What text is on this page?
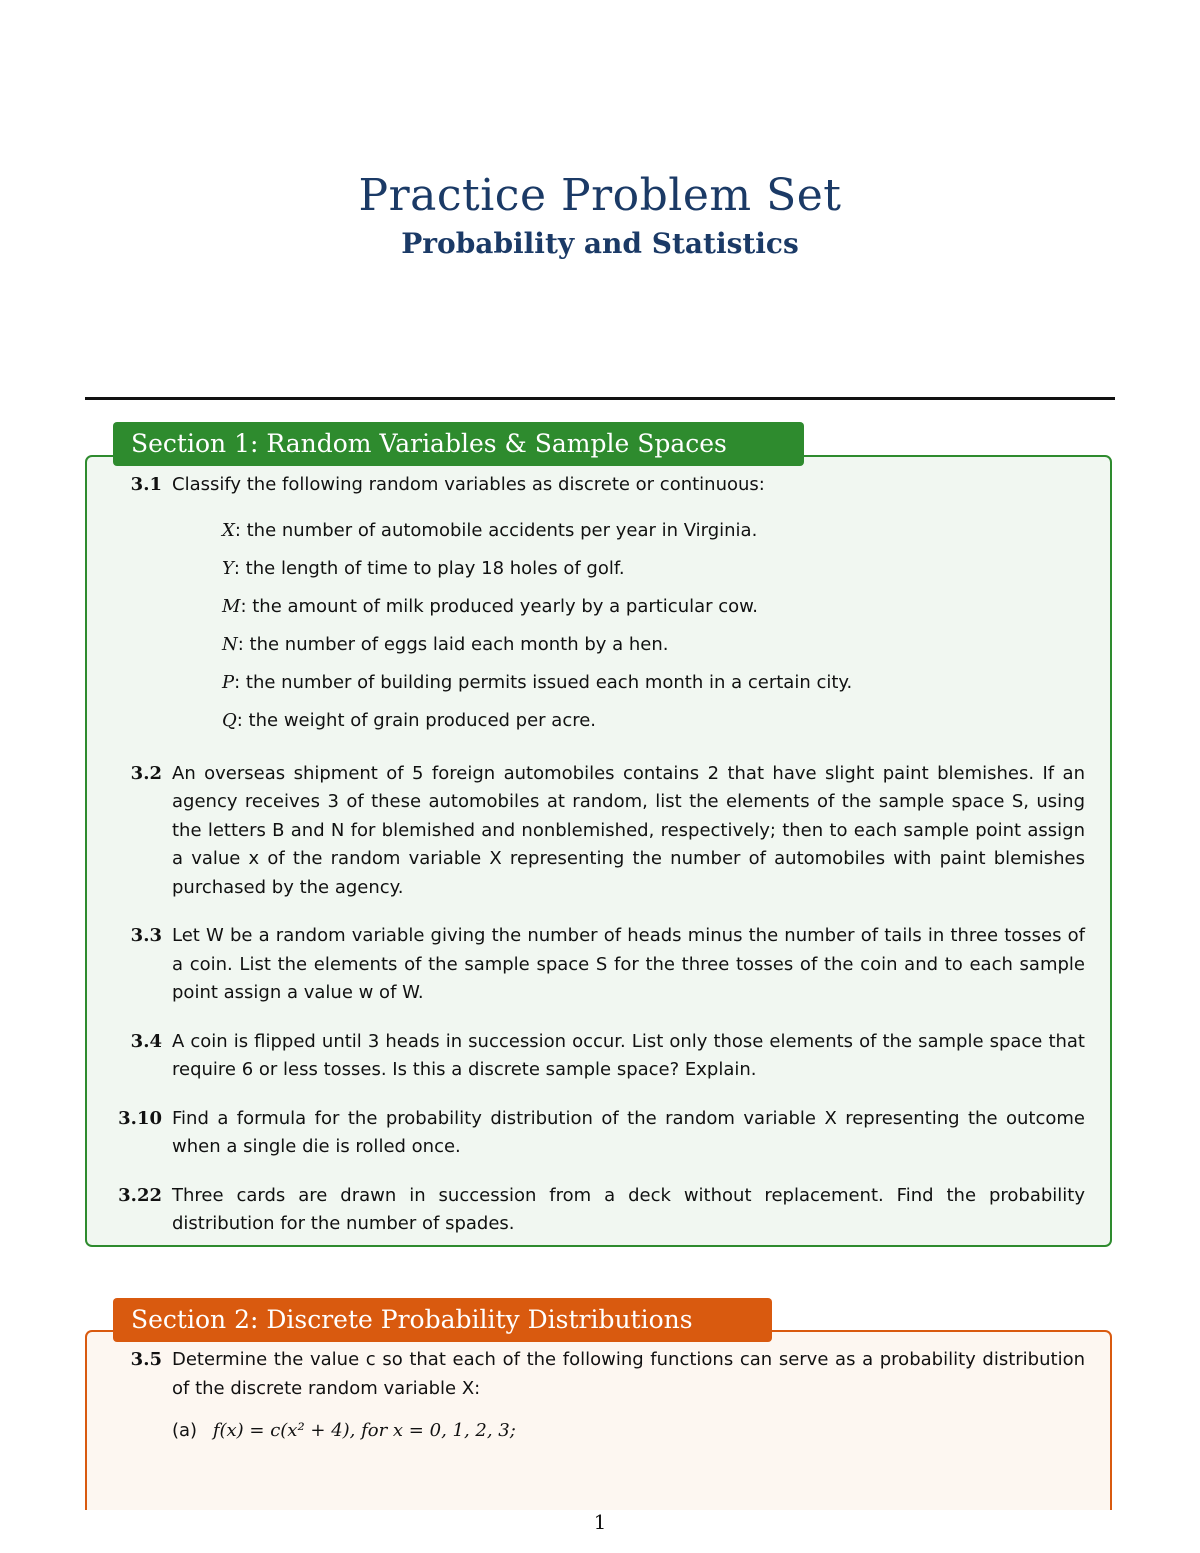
Practice Problem Set
Probability and Statistics
Section 1: Random Variables & Sample Spaces
3.1 Classify the following random variables as discrete or continuous:
X: the number of automobile accidents per year in Virginia.
Y: the length of time to play 18 holes of golf.
M: the amount of milk produced yearly by a particular cow.
N: the number of eggs laid each month by a hen.
P: the number of building permits issued each month in a certain city.
Q: the weight of grain produced per acre.
3.2 An overseas shipment of 5 foreign automobiles contains 2 that have slight paint blemishes. If an agency receives 3 of these automobiles at random, list the elements of the sample space S, using the letters B and N for blemished and nonblemished, respectively; then to each sample point assign a value x of the random variable X representing the number of automobiles with paint blemishes purchased by the agency.
3.3 Let W be a random variable giving the number of heads minus the number of tails in three tosses of a coin. List the elements of the sample space S for the three tosses of the coin and to each sample point assign a value w of W.
3.4 A coin is flipped until 3 heads in succession occur. List only those elements of the sample space that require 6 or less tosses. Is this a discrete sample space? Explain.
3.10 Find a formula for the probability distribution of the random variable X representing the outcome when a single die is rolled once.
3.22 Three cards are drawn in succession from a deck without replacement. Find the probability distribution for the number of spades.
Section 2: Discrete Probability Distributions
3.5 Determine the value c so that each of the following functions can serve as a probability distribution of the discrete random variable X:
(a) f(x) = c(x² + 4), for x = 0, 1, 2, 3;
1
